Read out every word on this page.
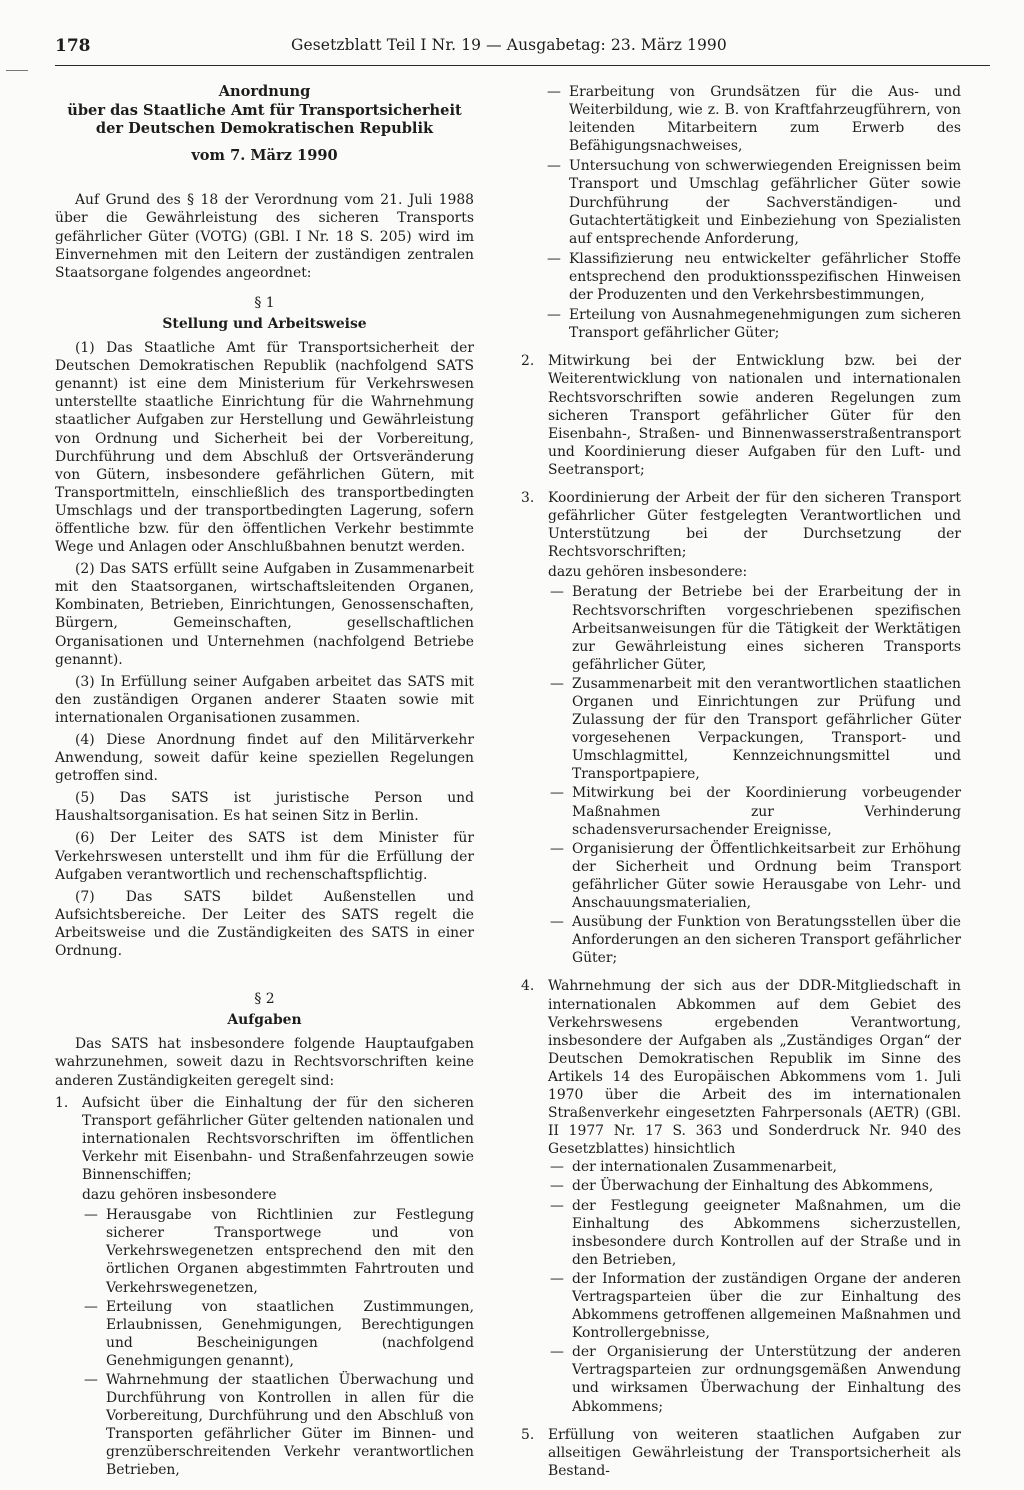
178	Gesetzblatt Teil I Nr. 19 — Ausgabetag: 23. März 1990
Anordnung
über das Staatliche Amt für Transportsicherheit
der Deutschen Demokratischen Republik
vom 7. März 1990

Auf Grund des § 18 der Verordnung vom 21. Juli 1988 über die Gewährleistung des sicheren Transports gefährlicher Güter (VOTG) (GBl. I Nr. 18 S. 205) wird im Einvernehmen mit den Leitern der zuständigen zentralen Staatsorgane folgendes angeordnet:

§ 1
Stellung und Arbeitsweise

(1) Das Staatliche Amt für Transportsicherheit der Deutschen Demokratischen Republik (nachfolgend SATS genannt) ist eine dem Ministerium für Verkehrswesen unterstellte staatliche Einrichtung für die Wahrnehmung staatlicher Aufgaben zur Herstellung und Gewährleistung von Ordnung und Sicherheit bei der Vorbereitung, Durchführung und dem Abschluß der Ortsveränderung von Gütern, insbesondere gefährlichen Gütern, mit Transportmitteln, einschließlich des transportbedingten Umschlags und der transportbedingten Lagerung, sofern öffentliche bzw. für den öffentlichen Verkehr bestimmte Wege und Anlagen oder Anschlußbahnen benutzt werden.

(2) Das SATS erfüllt seine Aufgaben in Zusammenarbeit mit den Staatsorganen, wirtschaftsleitenden Organen, Kombinaten, Betrieben, Einrichtungen, Genossenschaften, Bürgern, Gemeinschaften, gesellschaftlichen Organisationen und Unternehmen (nachfolgend Betriebe genannt).

(3) In Erfüllung seiner Aufgaben arbeitet das SATS mit den zuständigen Organen anderer Staaten sowie mit internationalen Organisationen zusammen.

(4) Diese Anordnung findet auf den Militärverkehr Anwendung, soweit dafür keine speziellen Regelungen getroffen sind.

(5) Das SATS ist juristische Person und Haushaltsorganisation. Es hat seinen Sitz in Berlin.

(6) Der Leiter des SATS ist dem Minister für Verkehrswesen unterstellt und ihm für die Erfüllung der Aufgaben verantwortlich und rechenschaftspflichtig.

(7) Das SATS bildet Außenstellen und Aufsichtsbereiche. Der Leiter des SATS regelt die Arbeitsweise und die Zuständigkeiten des SATS in einer Ordnung.

§ 2
Aufgaben

Das SATS hat insbesondere folgende Hauptaufgaben wahrzunehmen, soweit dazu in Rechtsvorschriften keine anderen Zuständigkeiten geregelt sind:

1. Aufsicht über die Einhaltung der für den sicheren Transport gefährlicher Güter geltenden nationalen und internationalen Rechtsvorschriften im öffentlichen Verkehr mit Eisenbahn- und Straßenfahrzeugen sowie Binnenschiffen;
dazu gehören insbesondere
— Herausgabe von Richtlinien zur Festlegung sicherer Transportwege und von Verkehrswegenetzen entsprechend den mit den örtlichen Organen abgestimmten Fahrtrouten und Verkehrswegenetzen,
— Erteilung von staatlichen Zustimmungen, Erlaubnissen, Genehmigungen, Berechtigungen und Bescheinigungen (nachfolgend Genehmigungen genannt),
— Wahrnehmung der staatlichen Überwachung und Durchführung von Kontrollen in allen für die Vorbereitung, Durchführung und den Abschluß von Transporten gefährlicher Güter im Binnen- und grenzüberschreitenden Verkehr verantwortlichen Betrieben,
— Erarbeitung von Grundsätzen für die Aus- und Weiterbildung, wie z. B. von Kraftfahrzeugführern, von leitenden Mitarbeitern zum Erwerb des Befähigungsnachweises,
— Untersuchung von schwerwiegenden Ereignissen beim Transport und Umschlag gefährlicher Güter sowie Durchführung der Sachverständigen- und Gutachtertätigkeit und Einbeziehung von Spezialisten auf entsprechende Anforderung,
— Klassifizierung neu entwickelter gefährlicher Stoffe entsprechend den produktionsspezifischen Hinweisen der Produzenten und den Verkehrsbestimmungen,
— Erteilung von Ausnahmegenehmigungen zum sicheren Transport gefährlicher Güter;
2. Mitwirkung bei der Entwicklung bzw. bei der Weiterentwicklung von nationalen und internationalen Rechtsvorschriften sowie anderen Regelungen zum sicheren Transport gefährlicher Güter für den Eisenbahn-, Straßen- und Binnenwasserstraßentransport und Koordinierung dieser Aufgaben für den Luft- und Seetransport;
3. Koordinierung der Arbeit der für den sicheren Transport gefährlicher Güter festgelegten Verantwortlichen und Unterstützung bei der Durchsetzung der Rechtsvorschriften;
dazu gehören insbesondere:
— Beratung der Betriebe bei der Erarbeitung der in Rechtsvorschriften vorgeschriebenen spezifischen Arbeitsanweisungen für die Tätigkeit der Werktätigen zur Gewährleistung eines sicheren Transports gefährlicher Güter,
— Zusammenarbeit mit den verantwortlichen staatlichen Organen und Einrichtungen zur Prüfung und Zulassung der für den Transport gefährlicher Güter vorgesehenen Verpackungen, Transport- und Umschlagmittel, Kennzeichnungsmittel und Transportpapiere,
— Mitwirkung bei der Koordinierung vorbeugender Maßnahmen zur Verhinderung schadensverursachender Ereignisse,
— Organisierung der Öffentlichkeitsarbeit zur Erhöhung der Sicherheit und Ordnung beim Transport gefährlicher Güter sowie Herausgabe von Lehr- und Anschauungsmaterialien,
— Ausübung der Funktion von Beratungsstellen über die Anforderungen an den sicheren Transport gefährlicher Güter;
4. Wahrnehmung der sich aus der DDR-Mitgliedschaft in internationalen Abkommen auf dem Gebiet des Verkehrswesens ergebenden Verantwortung, insbesondere der Aufgaben als „Zuständiges Organ“ der Deutschen Demokratischen Republik im Sinne des Artikels 14 des Europäischen Abkommens vom 1. Juli 1970 über die Arbeit des im internationalen Straßenverkehr eingesetzten Fahrpersonals (AETR) (GBl. II 1977 Nr. 17 S. 363 und Sonderdruck Nr. 940 des Gesetzblattes) hinsichtlich
— der internationalen Zusammenarbeit,
— der Überwachung der Einhaltung des Abkommens,
— der Festlegung geeigneter Maßnahmen, um die Einhaltung des Abkommens sicherzustellen, insbesondere durch Kontrollen auf der Straße und in den Betrieben,
— der Information der zuständigen Organe der anderen Vertragsparteien über die zur Einhaltung des Abkommens getroffenen allgemeinen Maßnahmen und Kontrollergebnisse,
— der Organisierung der Unterstützung der anderen Vertragsparteien zur ordnungsgemäßen Anwendung und wirksamen Überwachung der Einhaltung des Abkommens;
5. Erfüllung von weiteren staatlichen Aufgaben zur allseitigen Gewährleistung der Transportsicherheit als Bestand-
